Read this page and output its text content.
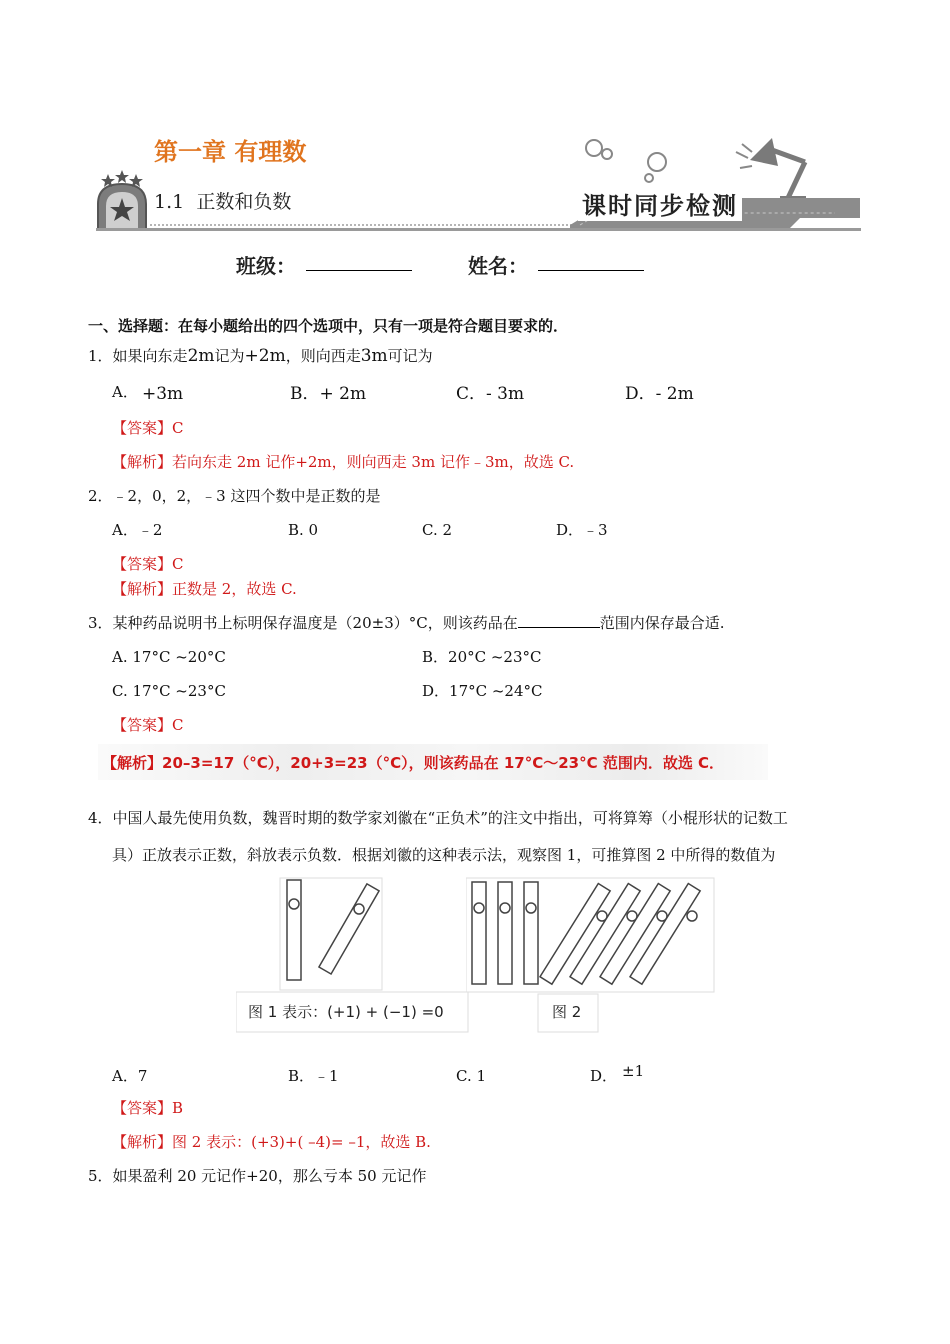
课时同步检测
第一章 有理数
1.1 正数和负数
班级：	姓名：
一、选择题：在每小题给出的四个选项中，只有一项是符合题目要求的．
1．如果向东走2m记为+2m，则向西走3m可记为
A． +3m	B．+ 2m	C．- 3m	D．- 2m
【答案】C
【解析】若向东走 2m 记作+2m，则向西走 3m 记作﹣3m，故选 C.
2．﹣2，0，2，﹣3 这四个数中是正数的是
A．﹣2	B. 0	C. 2	D．﹣3
【答案】C
【解析】正数是 2，故选 C.
3．某种药品说明书上标明保存温度是（20±3）°C，则该药品在	范围内保存最合适.
A. 17°C ~20°C	B．20°C ~23°C
C. 17°C ~23°C	D．17°C ~24°C
【答案】C
【解析】20–3=17（°C），20+3=23（°C），则该药品在 17°C～23°C 范围内．故选 C．
4．中国人最先使用负数，魏晋时期的数学家刘徽在“正负术”的注文中指出，可将算筹（小棍形状的记数工
具）正放表示正数，斜放表示负数．根据刘徽的这种表示法，观察图 1，可推算图 2 中所得的数值为
图 1 表示：(+1) + (−1) =0	图 2
A．7	B．﹣1	C. 1	D． ±1
【答案】B
【解析】图 2 表示：(+3)+( –4)= –1，故选 B.
5．如果盈利 20 元记作+20，那么亏本 50 元记作
